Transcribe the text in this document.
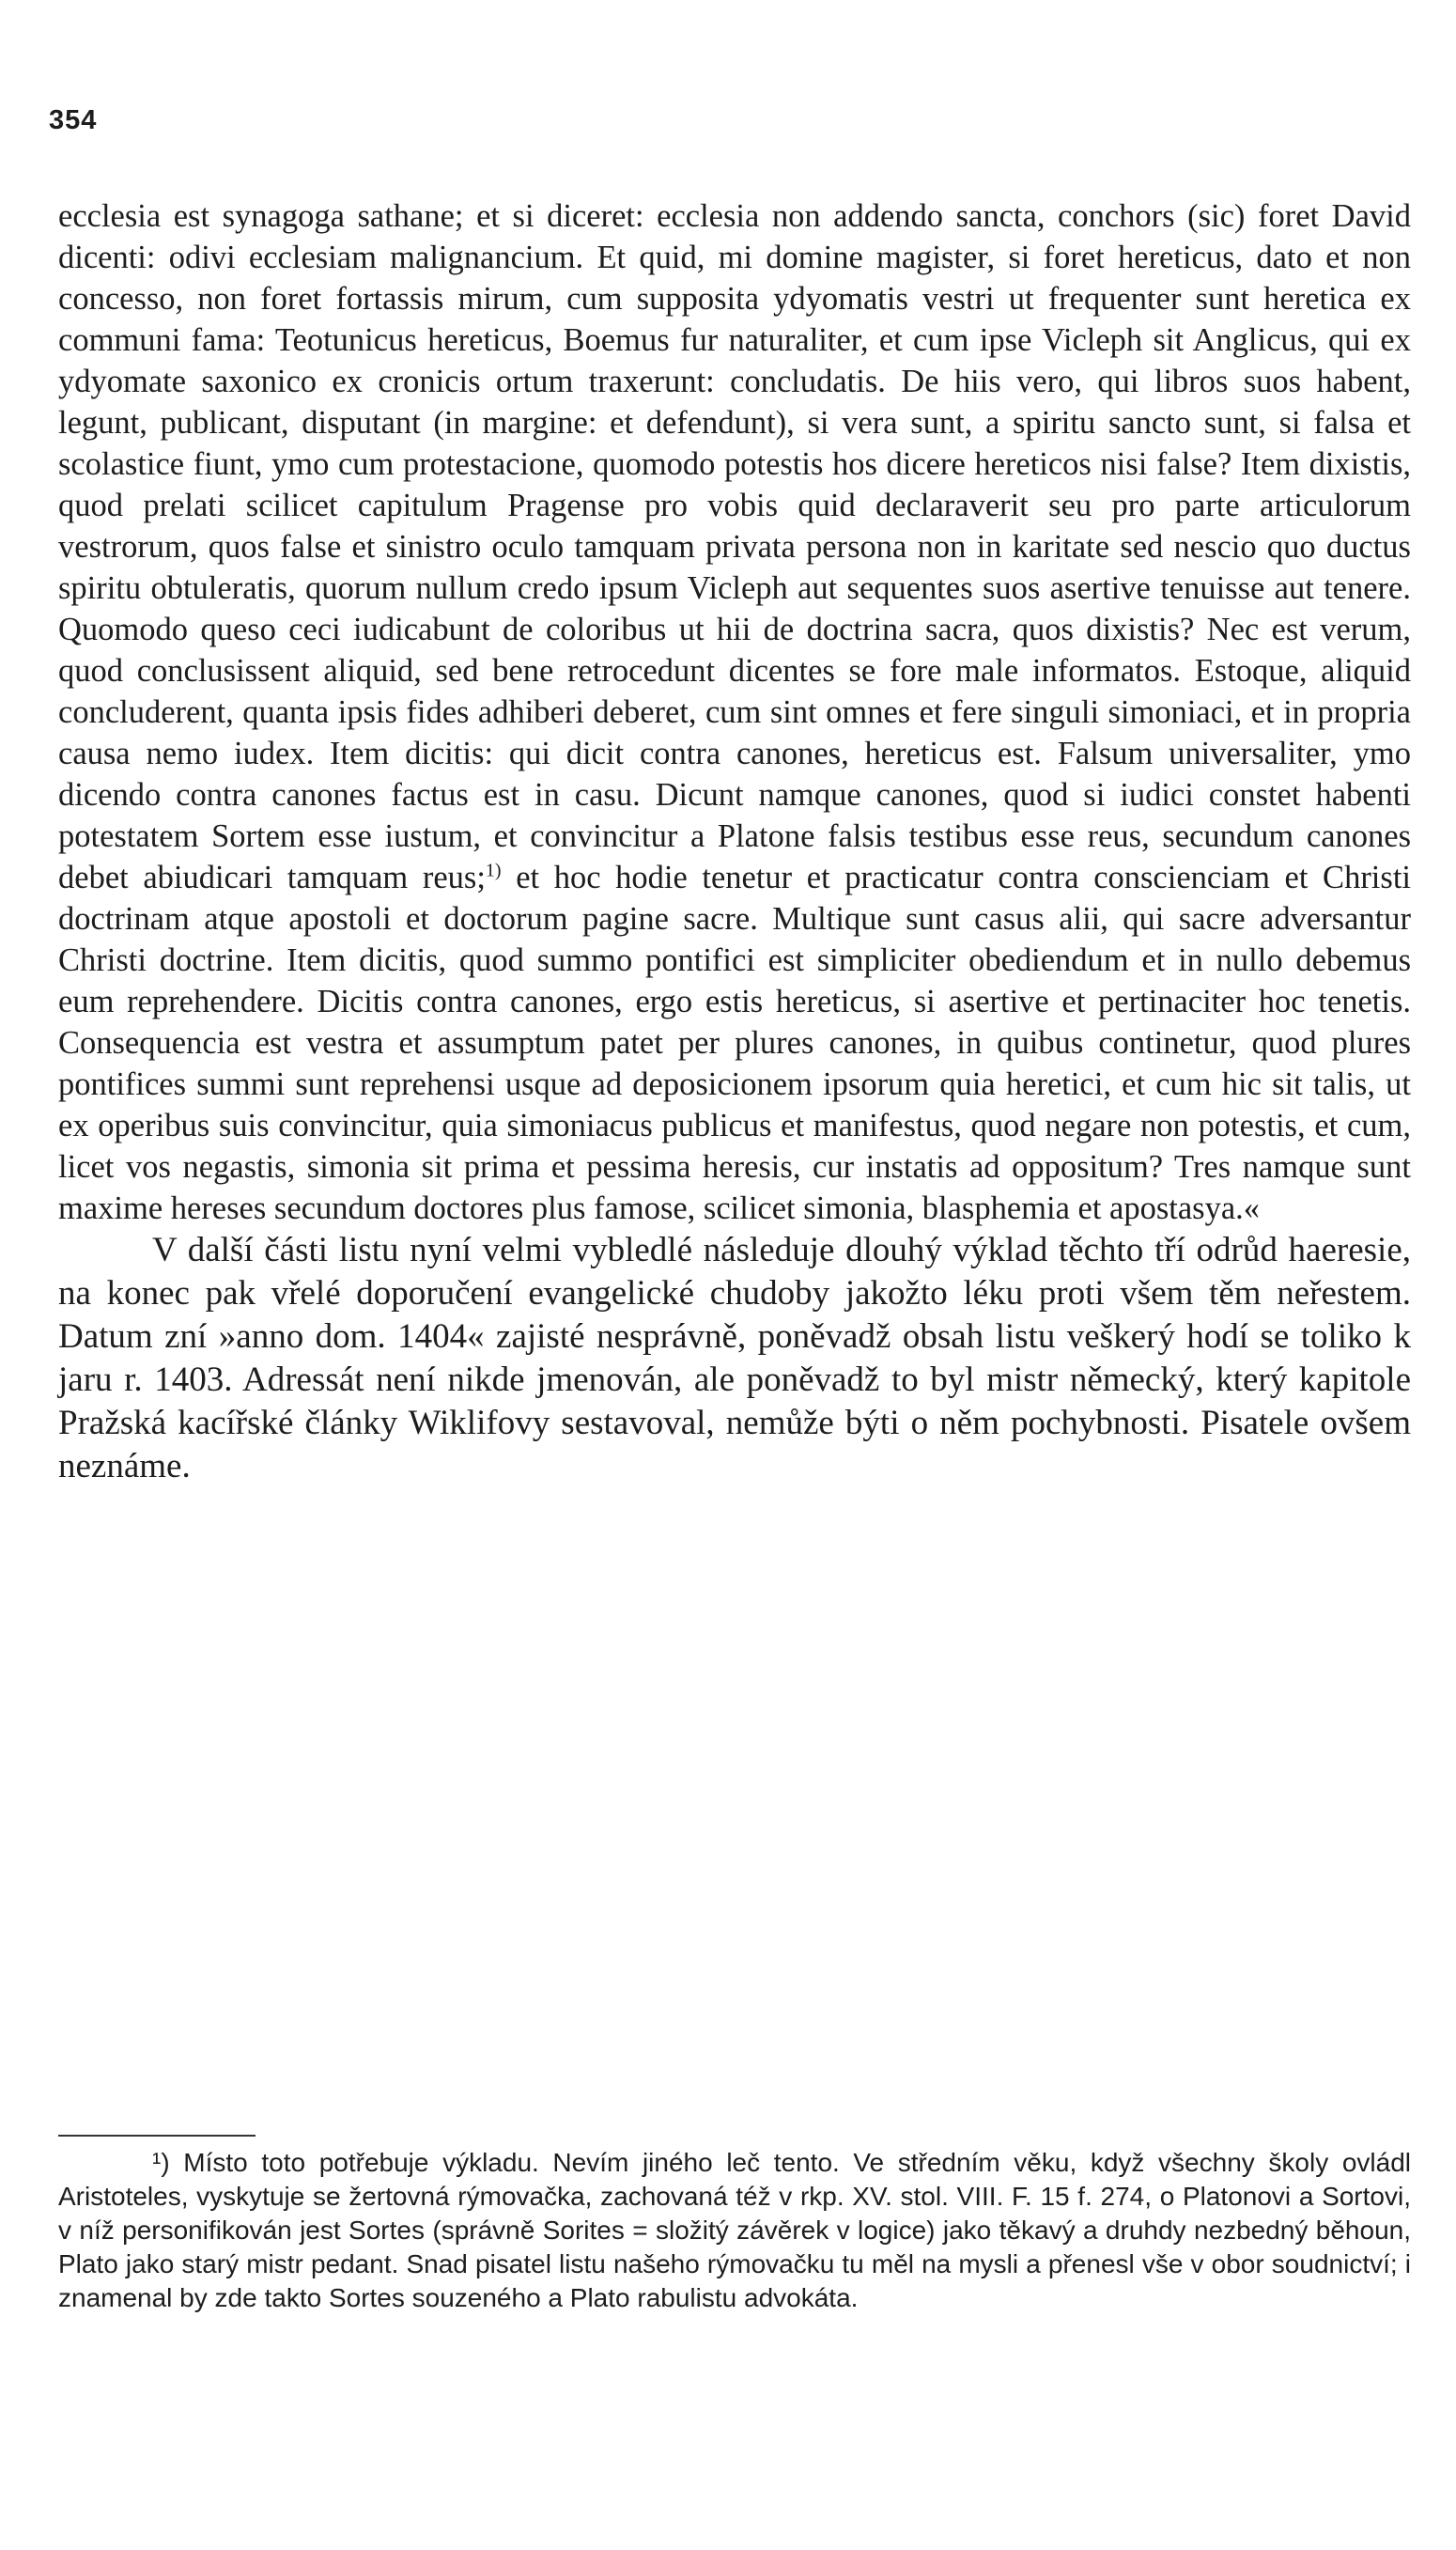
354

ecclesia est synagoga sathane; et si diceret: ecclesia non addendo sancta, conchors (sic) foret David dicenti: odivi ecclesiam malignancium. Et quid, mi domine magister, si foret hereticus, dato et non concesso, non foret fortassis mirum, cum supposita ydyomatis vestri ut frequenter sunt heretica ex communi fama: Teotunicus hereticus, Boemus fur naturaliter, et cum ipse Vicleph sit Anglicus, qui ex ydyomate saxonico ex cronicis ortum traxerunt: concludatis. De hiis vero, qui libros suos habent, legunt, publicant, disputant (in margine: et defendunt), si vera sunt, a spiritu sancto sunt, si falsa et scolastice fiunt, ymo cum protestacione, quomodo potestis hos dicere hereticos nisi false? Item dixistis, quod prelati scilicet capitulum Pragense pro vobis quid declaraverit seu pro parte articulorum vestrorum, quos false et sinistro oculo tamquam privata persona non in karitate sed nescio quo ductus spiritu obtuleratis, quorum nullum credo ipsum Vicleph aut sequentes suos asertive tenuisse aut tenere. Quomodo queso ceci iudicabunt de coloribus ut hii de doctrina sacra, quos dixistis? Nec est verum, quod conclusissent aliquid, sed bene retrocedunt dicentes se fore male informatos. Estoque, aliquid concluderent, quanta ipsis fides adhiberi deberet, cum sint omnes et fere singuli simoniaci, et in propria causa nemo iudex. Item dicitis: qui dicit contra canones, hereticus est. Falsum universaliter, ymo dicendo contra canones factus est in casu. Dicunt namque canones, quod si iudici constet habenti potestatem Sortem esse iustum, et convincitur a Platone falsis testibus esse reus, secundum canones debet abiudicari tamquam reus;$^{1)}$ et hoc hodie tenetur et practicatur contra conscienciam et Christi doctrinam atque apostoli et doctorum pagine sacre. Multique sunt casus alii, qui sacre adversantur Christi doctrine. Item dicitis, quod summo pontifici est simpliciter obediendum et in nullo debemus eum reprehendere. Dicitis contra canones, ergo estis hereticus, si asertive et pertinaciter hoc tenetis. Consequencia est vestra et assumptum patet per plures canones, in quibus continetur, quod plures pontifices summi sunt reprehensi usque ad deposicionem ipsorum quia heretici, et cum hic sit talis, ut ex operibus suis convincitur, quia simoniacus publicus et manifestus, quod negare non potestis, et cum, licet vos negastis, simonia sit prima et pessima heresis, cur instatis ad oppositum? Tres namque sunt maxime hereses secundum doctores plus famose, scilicet simonia, blasphemia et apostasya.«

V další části listu nyní velmi vybledlé následuje dlouhý výklad těchto tří odrůd haeresie, na konec pak vřelé doporučení evangelické chudoby jakožto léku proti všem těm neřestem. Datum zní »anno dom. 1404« zajisté nesprávně, poněvadž obsah listu veškerý hodí se toliko k jaru r. 1403. Adressát není nikde jmenován, ale poněvadž to byl mistr německý, který kapitole Pražská kacířské články Wiklifovy sestavoval, nemůže býti o něm pochybnosti. Pisatele ovšem neznáme.

¹) Místo toto potřebuje výkladu. Nevím jiného leč tento. Ve středním věku, když všechny školy ovládl Aristoteles, vyskytuje se žertovná rýmovačka, zachovaná též v rkp. XV. stol. VIII. F. 15 f. 274, o Platonovi a Sortovi, v níž personifikován jest Sortes (správně Sorites = složitý závěrek v logice) jako těkavý a druhdy nezbedný běhoun, Plato jako starý mistr pedant. Snad pisatel listu našeho rýmovačku tu měl na mysli a přenesl vše v obor soudnictví; i znamenal by zde takto Sortes souzeného a Plato rabulistu advokáta.
